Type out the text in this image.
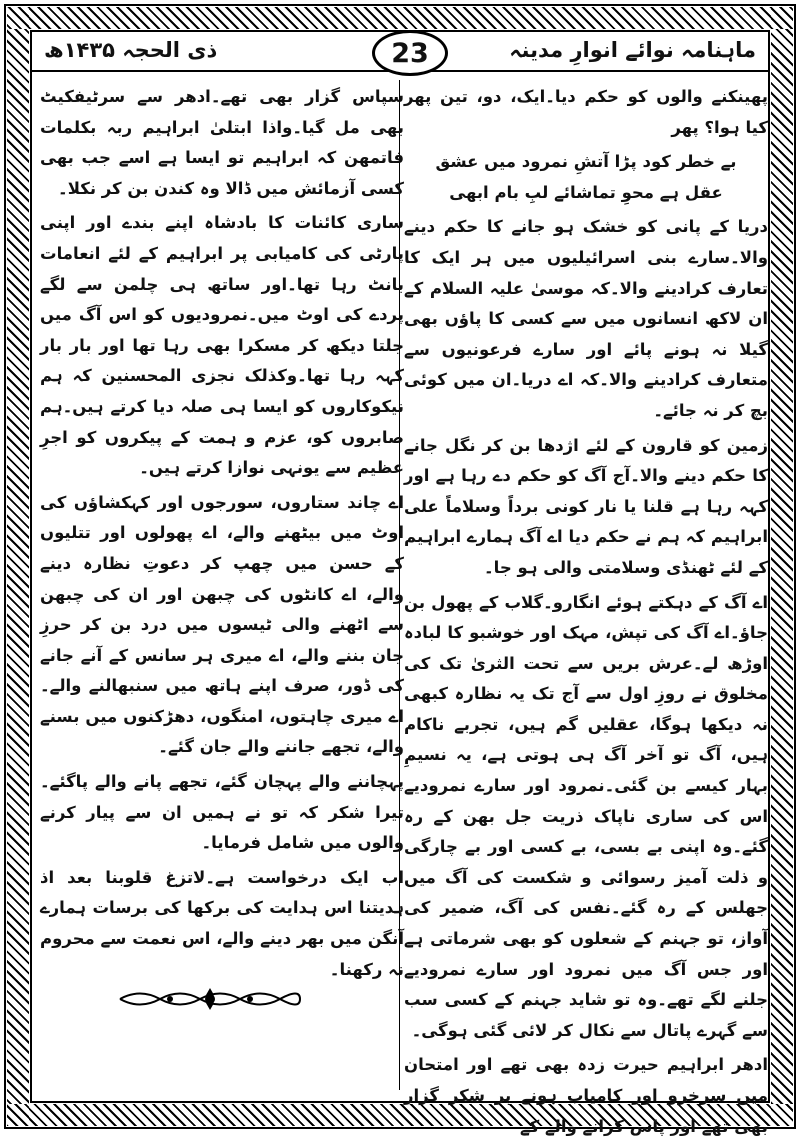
ماہنامہ نوائے انوارِ مدینہ
23
ذی الحجہ ۱۴۳۵ھ

پھینکنے والوں کو حکم دیا۔ایک، دو، تین پھر کیا ہوا؟ پھر

بے خطر کود پڑا آتشِ نمرود میں عشق
عقل ہے محوِ تماشائے لبِ بام ابھی

دریا کے پانی کو خشک ہو جانے کا حکم دینے والا۔سارے بنی اسرائیلیوں میں ہر ایک کا تعارف کرادینے والا۔کہ موسیٰ علیہ السلام کے ان لاکھ انسانوں میں سے کسی کا پاؤں بھی گیلا نہ ہونے پائے اور سارے فرعونیوں سے متعارف کرادینے والا۔کہ اے دریا۔ان میں کوئی بچ کر نہ جائے۔

زمین کو قارون کے لئے اژدھا بن کر نگل جانے کا حکم دینے والا۔آج آگ کو حکم دے رہا ہے اور کہہ رہا ہے قلنا یا نار کونی برداً وسلاماً علی ابراہیم کہ ہم نے حکم دیا اے آگ ہمارے ابراہیم کے لئے ٹھنڈی وسلامتی والی ہو جا۔

اے آگ کے دہکتے ہوئے انگارو۔گلاب کے پھول بن جاؤ۔اے آگ کی تپش، مہک اور خوشبو کا لبادہ اوڑھ لے۔عرش بریں سے تحت الثریٰ تک کی مخلوق نے روزِ اول سے آج تک یہ نظارہ کبھی نہ دیکھا ہوگا، عقلیں گم ہیں، تجربے ناکام ہیں، آگ تو آخر آگ ہی ہوتی ہے، یہ نسیمِ بہار کیسے بن گئی۔نمرود اور سارے نمرودیے اس کی ساری ناپاک ذریت جل بھن کے رہ گئے۔وہ اپنی بے بسی، بے کسی اور بے چارگی و ذلت آمیز رسوائی و شکست کی آگ میں جھلس کے رہ گئے۔نفس کی آگ، ضمیر کی آواز، تو جہنم کے شعلوں کو بھی شرماتی ہے اور جس آگ میں نمرود اور سارے نمرودیے جلنے لگے تھے۔وہ تو شاید جہنم کے کسی سب سے گہرے پاتال سے نکال کر لائی گئی ہوگی۔

ادھر ابراہیم حیرت زدہ بھی تھے اور امتحان میں سرخرو اور کامیاب ہونے پر شکر گزار بھی تھے اور پاس کرانے والے کے

سپاس گزار بھی تھے۔ادھر سے سرٹیفکیٹ بھی مل گیا۔واذا ابتلیٰ ابراہیم ربہ بکلمات فاتمھن کہ ابراہیم تو ایسا ہے اسے جب بھی کسی آزمائش میں ڈالا وہ کندن بن کر نکلا۔

ساری کائنات کا بادشاہ اپنے بندے اور اپنی پارٹی کی کامیابی پر ابراہیم کے لئے انعامات بانٹ رہا تھا۔اور ساتھ ہی چلمن سے لگے پردے کی اوٹ میں۔نمرودیوں کو اس آگ میں جلتا دیکھ کر مسکرا بھی رہا تھا اور بار بار کہہ رہا تھا۔وکذلک نجزی المحسنین کہ ہم نیکوکاروں کو ایسا ہی صلہ دیا کرتے ہیں۔ہم صابروں کو، عزم و ہمت کے پیکروں کو اجرِ عظیم سے یونہی نوازا کرتے ہیں۔

اے چاند ستاروں، سورجوں اور کہکشاؤں کی اوٹ میں بیٹھنے والے، اے پھولوں اور تتلیوں کے حسن میں چھپ کر دعوتِ نظارہ دینے والے، اے کانٹوں کی چبھن اور ان کی چبھن سے اٹھنے والی ٹیسوں میں درد بن کر حرزِ جان بننے والے، اے میری ہر سانس کے آنے جانے کی ڈور، صرف اپنے ہاتھ میں سنبھالنے والے۔اے میری چاہتوں، امنگوں، دھڑکنوں میں بسنے والے، تجھے جاننے والے جان گئے۔

پہچاننے والے پہچان گئے، تجھے پانے والے پاگئے۔تیرا شکر کہ تو نے ہمیں ان سے پیار کرنے والوں میں شامل فرمایا۔

اب ایک درخواست ہے۔لاتزغ قلوبنا بعد اذ ہدیتنا اس ہدایت کی برکھا کی برسات ہمارے آنگن میں بھر دینے والے، اس نعمت سے محروم نہ رکھنا۔
